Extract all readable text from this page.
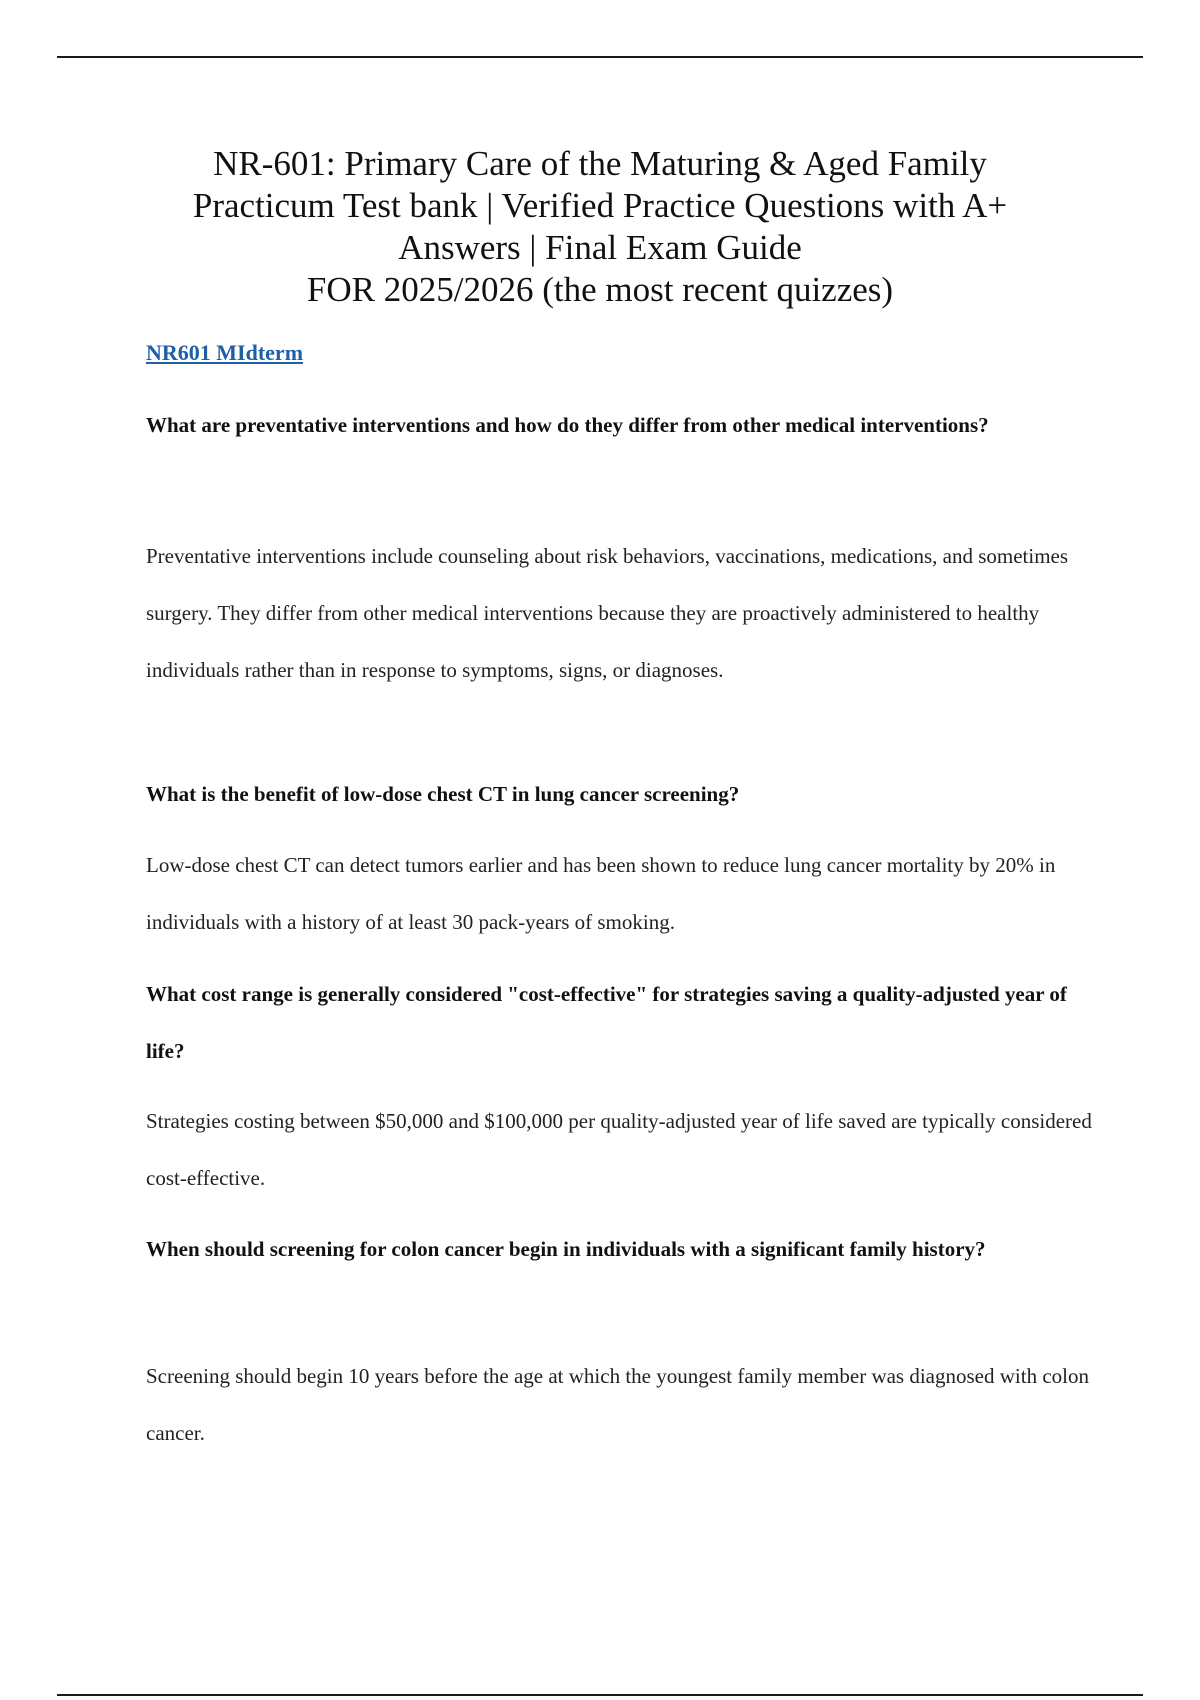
NR-601: Primary Care of the Maturing & Aged Family
Practicum Test bank | Verified Practice Questions with A+
Answers | Final Exam Guide
FOR 2025/2026 (the most recent quizzes)
NR601 MIdterm

What are preventative interventions and how do they differ from other medical interventions?

Preventative interventions include counseling about risk behaviors, vaccinations, medications, and sometimes surgery. They differ from other medical interventions because they are proactively administered to healthy individuals rather than in response to symptoms, signs, or diagnoses.

What is the benefit of low-dose chest CT in lung cancer screening?

Low-dose chest CT can detect tumors earlier and has been shown to reduce lung cancer mortality by 20% in individuals with a history of at least 30 pack-years of smoking.

What cost range is generally considered "cost-effective" for strategies saving a quality-adjusted year of life?

Strategies costing between $50,000 and $100,000 per quality-adjusted year of life saved are typically considered cost-effective.

When should screening for colon cancer begin in individuals with a significant family history?

Screening should begin 10 years before the age at which the youngest family member was diagnosed with colon cancer.
